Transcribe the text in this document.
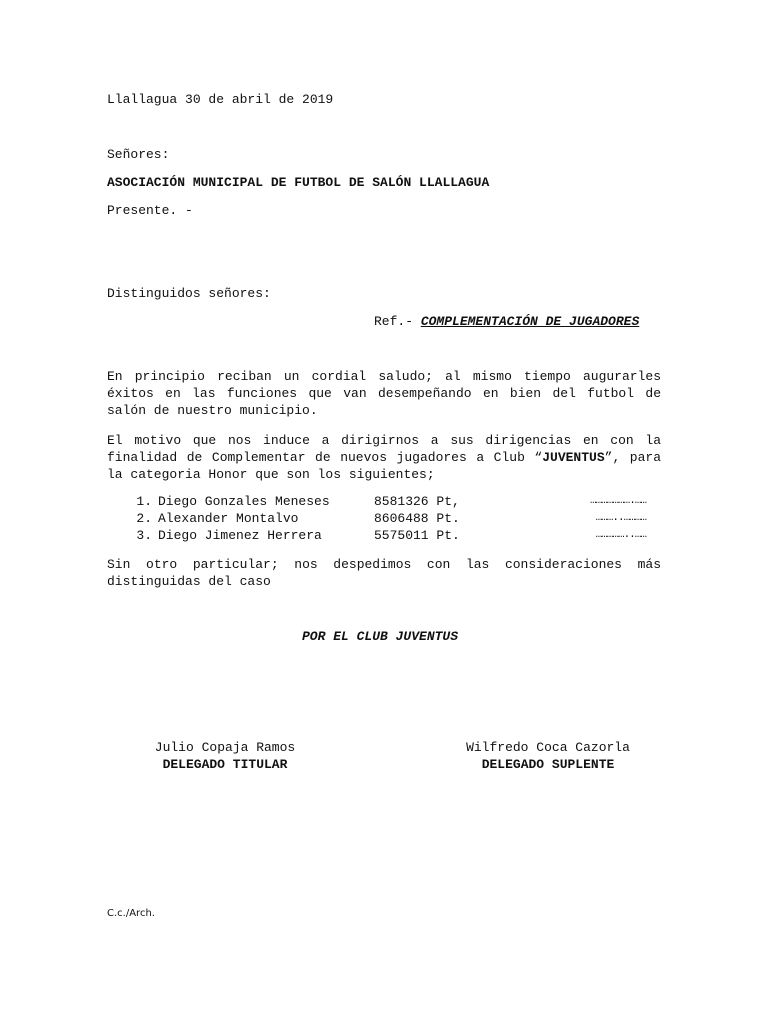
Llallagua 30 de abril de 2019
Señores:
ASOCIACIÓN MUNICIPAL DE FUTBOL DE SALÓN LLALLAGUA
Presente. -
Distinguidos señores:
Ref.- COMPLEMENTACIÓN DE JUGADORES
En principio reciban un cordial saludo; al mismo tiempo augurarles éxitos en las funciones que van desempeñando en bien del futbol de salón de nuestro municipio.
El motivo que nos induce a dirigirnos a sus dirigencias en con la finalidad de Complementar de nuevos jugadores a Club “JUVENTUS”, para la categoria Honor que son los siguientes;
1. Diego Gonzales Meneses	8581326 Pt,	………………….……
2. Alexander Montalvo	8606488 Pt.	………..…………
3. Diego Jimenez Herrera	5575011 Pt.	……………..……
Sin otro particular; nos despedimos con las consideraciones más distinguidas del caso
POR EL CLUB JUVENTUS
Julio Copaja Ramos
DELEGADO TITULAR
Wilfredo Coca Cazorla
DELEGADO SUPLENTE
C.c./Arch.
